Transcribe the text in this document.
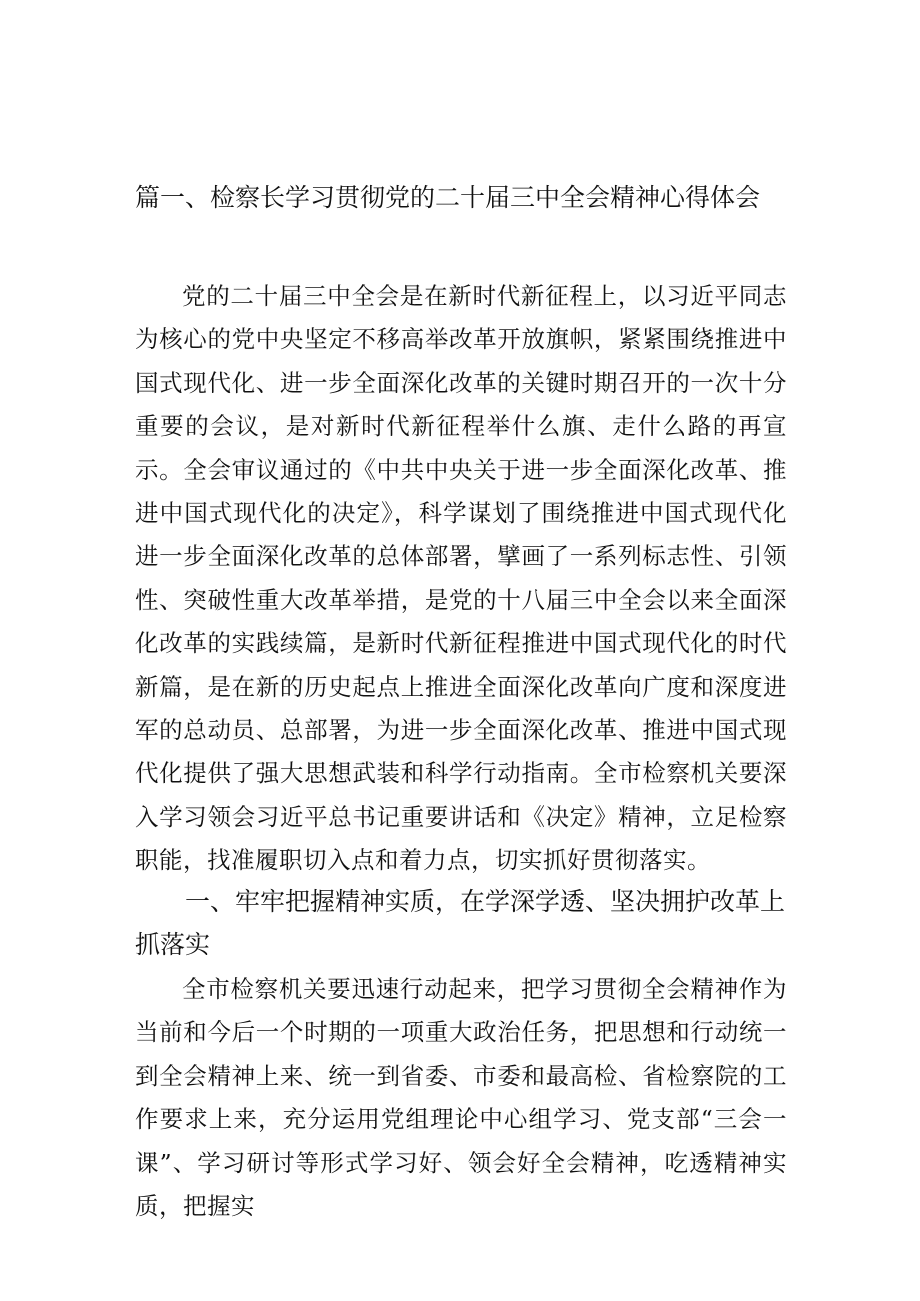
篇一、检察长学习贯彻党的二十届三中全会精神心得体会

党的二十届三中全会是在新时代新征程上，以习近平同志为核心的党中央坚定不移高举改革开放旗帜，紧紧围绕推进中国式现代化、进一步全面深化改革的关键时期召开的一次十分重要的会议，是对新时代新征程举什么旗、走什么路的再宣示。全会审议通过的《中共中央关于进一步全面深化改革、推进中国式现代化的决定》，科学谋划了围绕推进中国式现代化进一步全面深化改革的总体部署，擘画了一系列标志性、引领性、突破性重大改革举措，是党的十八届三中全会以来全面深化改革的实践续篇，是新时代新征程推进中国式现代化的时代新篇，是在新的历史起点上推进全面深化改革向广度和深度进军的总动员、总部署，为进一步全面深化改革、推进中国式现代化提供了强大思想武装和科学行动指南。全市检察机关要深入学习领会习近平总书记重要讲话和《决定》精神，立足检察职能，找准履职切入点和着力点，切实抓好贯彻落实。

一、牢牢把握精神实质，在学深学透、坚决拥护改革上抓落实

全市检察机关要迅速行动起来，把学习贯彻全会精神作为当前和今后一个时期的一项重大政治任务，把思想和行动统一到全会精神上来、统一到省委、市委和最高检、省检察院的工作要求上来，充分运用党组理论中心组学习、党支部“三会一课”、学习研讨等形式学习好、领会好全会精神，吃透精神实质，把握实
